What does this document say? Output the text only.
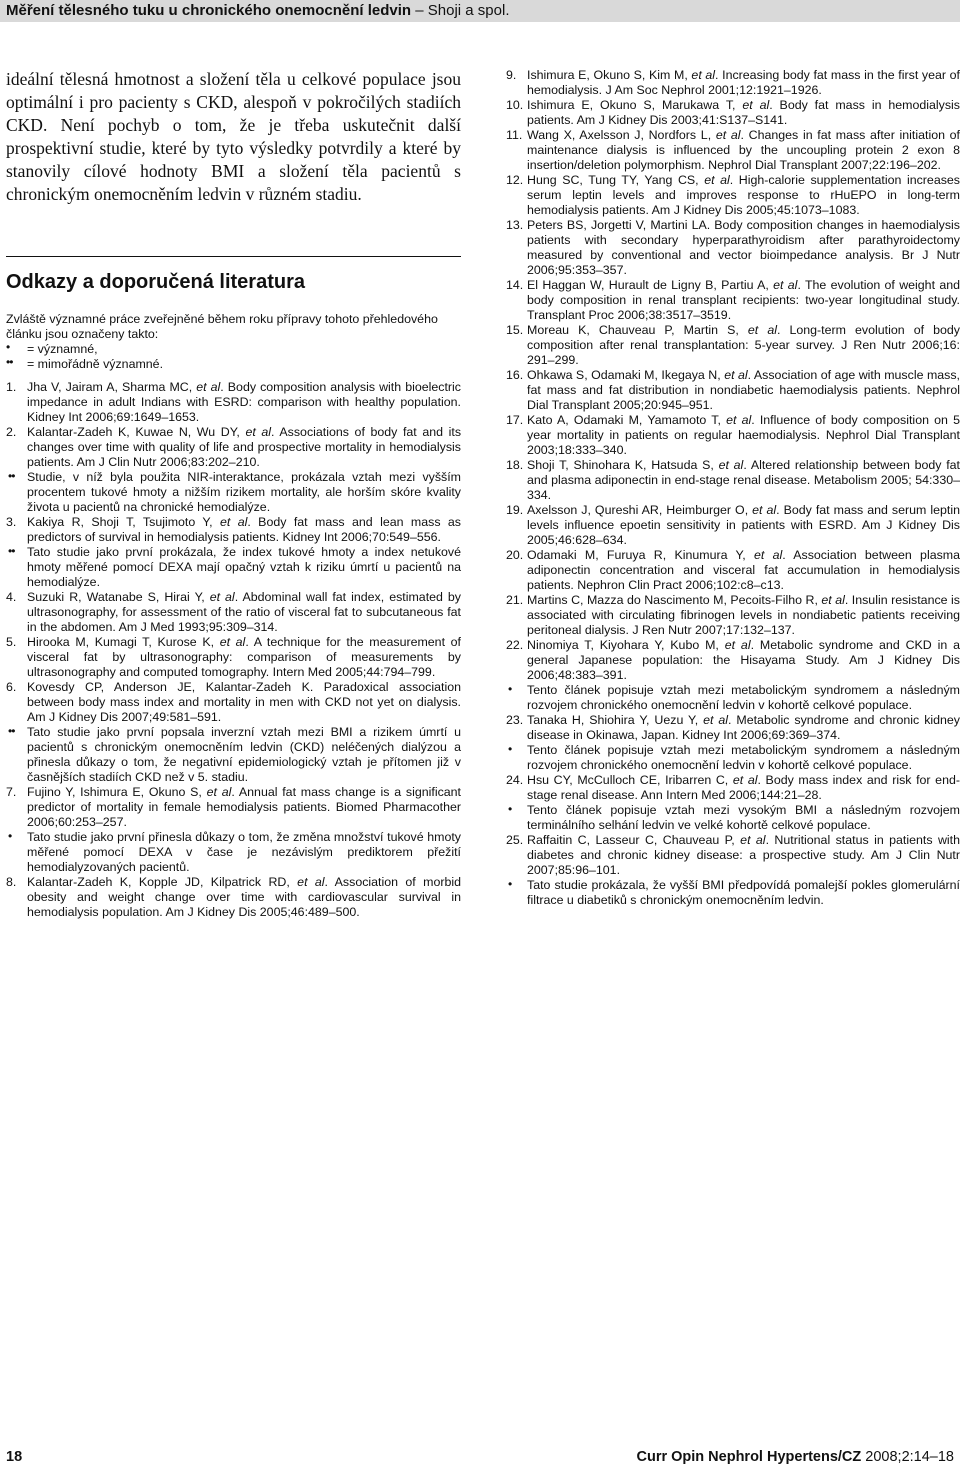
Měření tělesného tuku u chronického onemocnění ledvin – Shoji a spol.

ideální tělesná hmotnost a složení těla u celkové populace jsou optimální i pro pacienty s CKD, alespoň v pokročilých stadiích CKD. Není pochyb o tom, že je třeba uskutečnit další prospektivní studie, které by tyto výsledky potvrdily a které by stanovily cílové hodnoty BMI a složení těla pacientů s chronickým onemocněním ledvin v různém stadiu.

Odkazy a doporučená literatura
Zvláště významné práce zveřejněné během roku přípravy tohoto přehledového článku jsou označeny takto:
• = významné,
•• = mimořádně významné.
1. Jha V, Jairam A, Sharma MC, et al. Body composition analysis with bioelectric impedance in adult Indians with ESRD: comparison with healthy population. Kidney Int 2006;69:1649–1653.
2. Kalantar-Zadeh K, Kuwae N, Wu DY, et al. Associations of body fat and its changes over time with quality of life and prospective mortality in hemodialysis patients. Am J Clin Nutr 2006;83:202–210.
•• Studie, v níž byla použita NIR-interaktance, prokázala vztah mezi vyšším procentem tukové hmoty a nižším rizikem mortality, ale horším skóre kvality života u pacientů na chronické hemodialýze.
3. Kakiya R, Shoji T, Tsujimoto Y, et al. Body fat mass and lean mass as predictors of survival in hemodialysis patients. Kidney Int 2006;70:549–556.
•• Tato studie jako první prokázala, že index tukové hmoty a index netukové hmoty měřené pomocí DEXA mají opačný vztah k riziku úmrtí u pacientů na hemodialýze.
4. Suzuki R, Watanabe S, Hirai Y, et al. Abdominal wall fat index, estimated by ultrasonography, for assessment of the ratio of visceral fat to subcutaneous fat in the abdomen. Am J Med 1993;95:309–314.
5. Hirooka M, Kumagi T, Kurose K, et al. A technique for the measurement of visceral fat by ultrasonography: comparison of measurements by ultrasonography and computed tomography. Intern Med 2005;44:794–799.
6. Kovesdy CP, Anderson JE, Kalantar-Zadeh K. Paradoxical association between body mass index and mortality in men with CKD not yet on dialysis. Am J Kidney Dis 2007;49:581–591.
•• Tato studie jako první popsala inverzní vztah mezi BMI a rizikem úmrtí u pacientů s chronickým onemocněním ledvin (CKD) neléčených dialýzou a přinesla důkazy o tom, že negativní epidemiologický vztah je přítomen již v časnějších stadiích CKD než v 5. stadiu.
7. Fujino Y, Ishimura E, Okuno S, et al. Annual fat mass change is a significant predictor of mortality in female hemodialysis patients. Biomed Pharmacother 2006;60:253–257.
• Tato studie jako první přinesla důkazy o tom, že změna množství tukové hmoty měřené pomocí DEXA v čase je nezávislým prediktorem přežití hemodialyzovaných pacientů.
8. Kalantar-Zadeh K, Kopple JD, Kilpatrick RD, et al. Association of morbid obesity and weight change over time with cardiovascular survival in hemodialysis population. Am J Kidney Dis 2005;46:489–500.
9. Ishimura E, Okuno S, Kim M, et al. Increasing body fat mass in the first year of hemodialysis. J Am Soc Nephrol 2001;12:1921–1926.
10. Ishimura E, Okuno S, Marukawa T, et al. Body fat mass in hemodialysis patients. Am J Kidney Dis 2003;41:S137–S141.
11. Wang X, Axelsson J, Nordfors L, et al. Changes in fat mass after initiation of maintenance dialysis is influenced by the uncoupling protein 2 exon 8 insertion/deletion polymorphism. Nephrol Dial Transplant 2007;22:196–202.
12. Hung SC, Tung TY, Yang CS, et al. High-calorie supplementation increases serum leptin levels and improves response to rHuEPO in long-term hemodialysis patients. Am J Kidney Dis 2005;45:1073–1083.
13. Peters BS, Jorgetti V, Martini LA. Body composition changes in haemodialysis patients with secondary hyperparathyroidism after parathyroidectomy measured by conventional and vector bioimpedance analysis. Br J Nutr 2006;95:353–357.
14. El Haggan W, Hurault de Ligny B, Partiu A, et al. The evolution of weight and body composition in renal transplant recipients: two-year longitudinal study. Transplant Proc 2006;38:3517–3519.
15. Moreau K, Chauveau P, Martin S, et al. Long-term evolution of body composition after renal transplantation: 5-year survey. J Ren Nutr 2006;16: 291–299.
16. Ohkawa S, Odamaki M, Ikegaya N, et al. Association of age with muscle mass, fat mass and fat distribution in nondiabetic haemodialysis patients. Nephrol Dial Transplant 2005;20:945–951.
17. Kato A, Odamaki M, Yamamoto T, et al. Influence of body composition on 5 year mortality in patients on regular haemodialysis. Nephrol Dial Transplant 2003;18:333–340.
18. Shoji T, Shinohara K, Hatsuda S, et al. Altered relationship between body fat and plasma adiponectin in end-stage renal disease. Metabolism 2005; 54:330–334.
19. Axelsson J, Qureshi AR, Heimburger O, et al. Body fat mass and serum leptin levels influence epoetin sensitivity in patients with ESRD. Am J Kidney Dis 2005;46:628–634.
20. Odamaki M, Furuya R, Kinumura Y, et al. Association between plasma adiponectin concentration and visceral fat accumulation in hemodialysis patients. Nephron Clin Pract 2006;102:c8–c13.
21. Martins C, Mazza do Nascimento M, Pecoits-Filho R, et al. Insulin resistance is associated with circulating fibrinogen levels in nondiabetic patients receiving peritoneal dialysis. J Ren Nutr 2007;17:132–137.
22. Ninomiya T, Kiyohara Y, Kubo M, et al. Metabolic syndrome and CKD in a general Japanese population: the Hisayama Study. Am J Kidney Dis 2006;48:383–391.
• Tento článek popisuje vztah mezi metabolickým syndromem a následným rozvojem chronického onemocnění ledvin v kohortě celkové populace.
23. Tanaka H, Shiohira Y, Uezu Y, et al. Metabolic syndrome and chronic kidney disease in Okinawa, Japan. Kidney Int 2006;69:369–374.
• Tento článek popisuje vztah mezi metabolickým syndromem a následným rozvojem chronického onemocnění ledvin v kohortě celkové populace.
24. Hsu CY, McCulloch CE, Iribarren C, et al. Body mass index and risk for end-stage renal disease. Ann Intern Med 2006;144:21–28.
• Tento článek popisuje vztah mezi vysokým BMI a následným rozvojem terminálního selhání ledvin ve velké kohortě celkové populace.
25. Raffaitin C, Lasseur C, Chauveau P, et al. Nutritional status in patients with diabetes and chronic kidney disease: a prospective study. Am J Clin Nutr 2007;85:96–101.
• Tato studie prokázala, že vyšší BMI předpovídá pomalejší pokles glomerulární filtrace u diabetiků s chronickým onemocněním ledvin.
18	Curr Opin Nephrol Hypertens/CZ 2008;2:14–18
